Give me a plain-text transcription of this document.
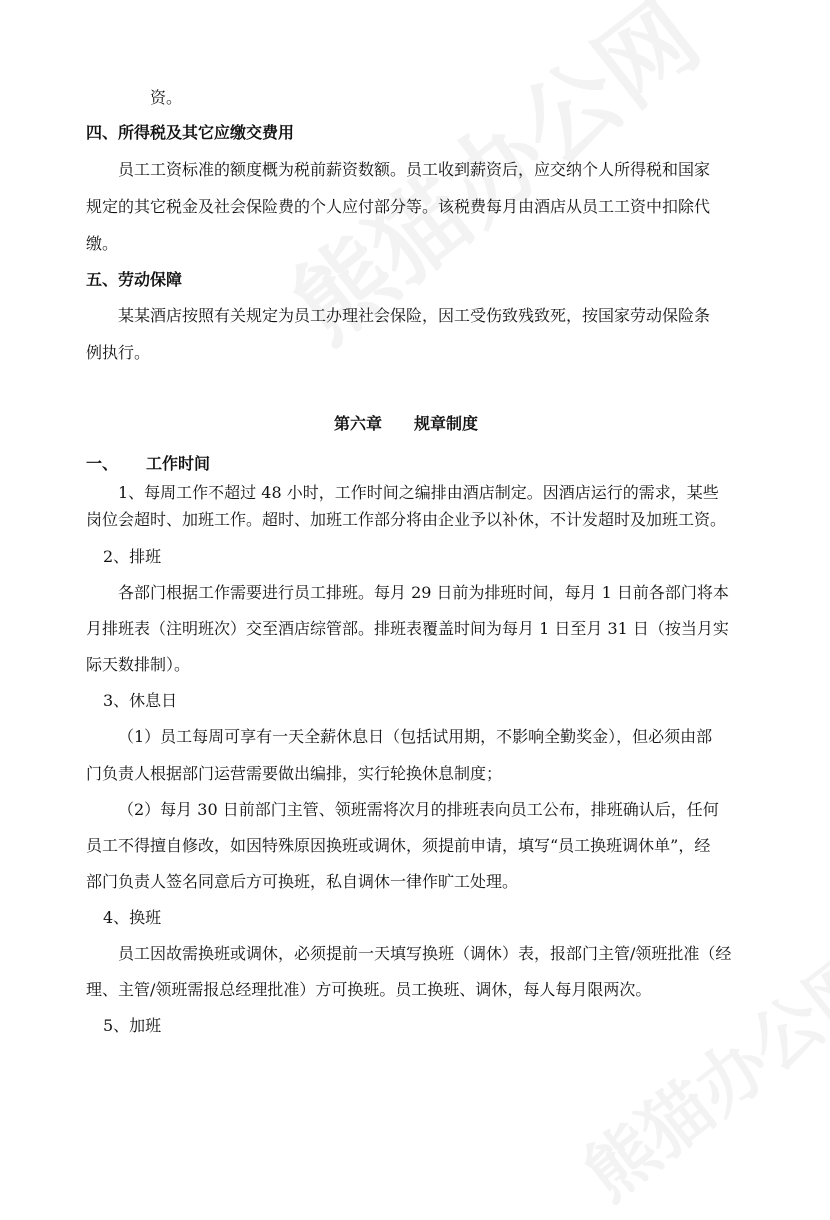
资。
四、所得税及其它应缴交费用
员工工资标准的额度概为税前薪资数额。员工收到薪资后，应交纳个人所得税和国家
规定的其它税金及社会保险费的个人应付部分等。该税费每月由酒店从员工工资中扣除代
缴。
五、劳动保障
某某酒店按照有关规定为员工办理社会保险，因工受伤致残致死，按国家劳动保险条
例执行。
第六章　　规章制度
一、 工作时间
1、每周工作不超过 48 小时，工作时间之编排由酒店制定。因酒店运行的需求，某些
岗位会超时、加班工作。超时、加班工作部分将由企业予以补休，不计发超时及加班工资。
2、排班
各部门根据工作需要进行员工排班。每月 29 日前为排班时间，每月 1 日前各部门将本
月排班表（注明班次）交至酒店综管部。排班表覆盖时间为每月 1 日至月 31 日（按当月实
际天数排制）。
3、休息日
（1）员工每周可享有一天全薪休息日（包括试用期，不影响全勤奖金），但必须由部
门负责人根据部门运营需要做出编排，实行轮换休息制度；
（2）每月 30 日前部门主管、领班需将次月的排班表向员工公布，排班确认后，任何
员工不得擅自修改，如因特殊原因换班或调休，须提前申请，填写“员工换班调休单”，经
部门负责人签名同意后方可换班，私自调休一律作旷工处理。
4、换班
员工因故需换班或调休，必须提前一天填写换班（调休）表，报部门主管/领班批准（经
理、主管/领班需报总经理批准）方可换班。员工换班、调休，每人每月限两次。
5、加班
